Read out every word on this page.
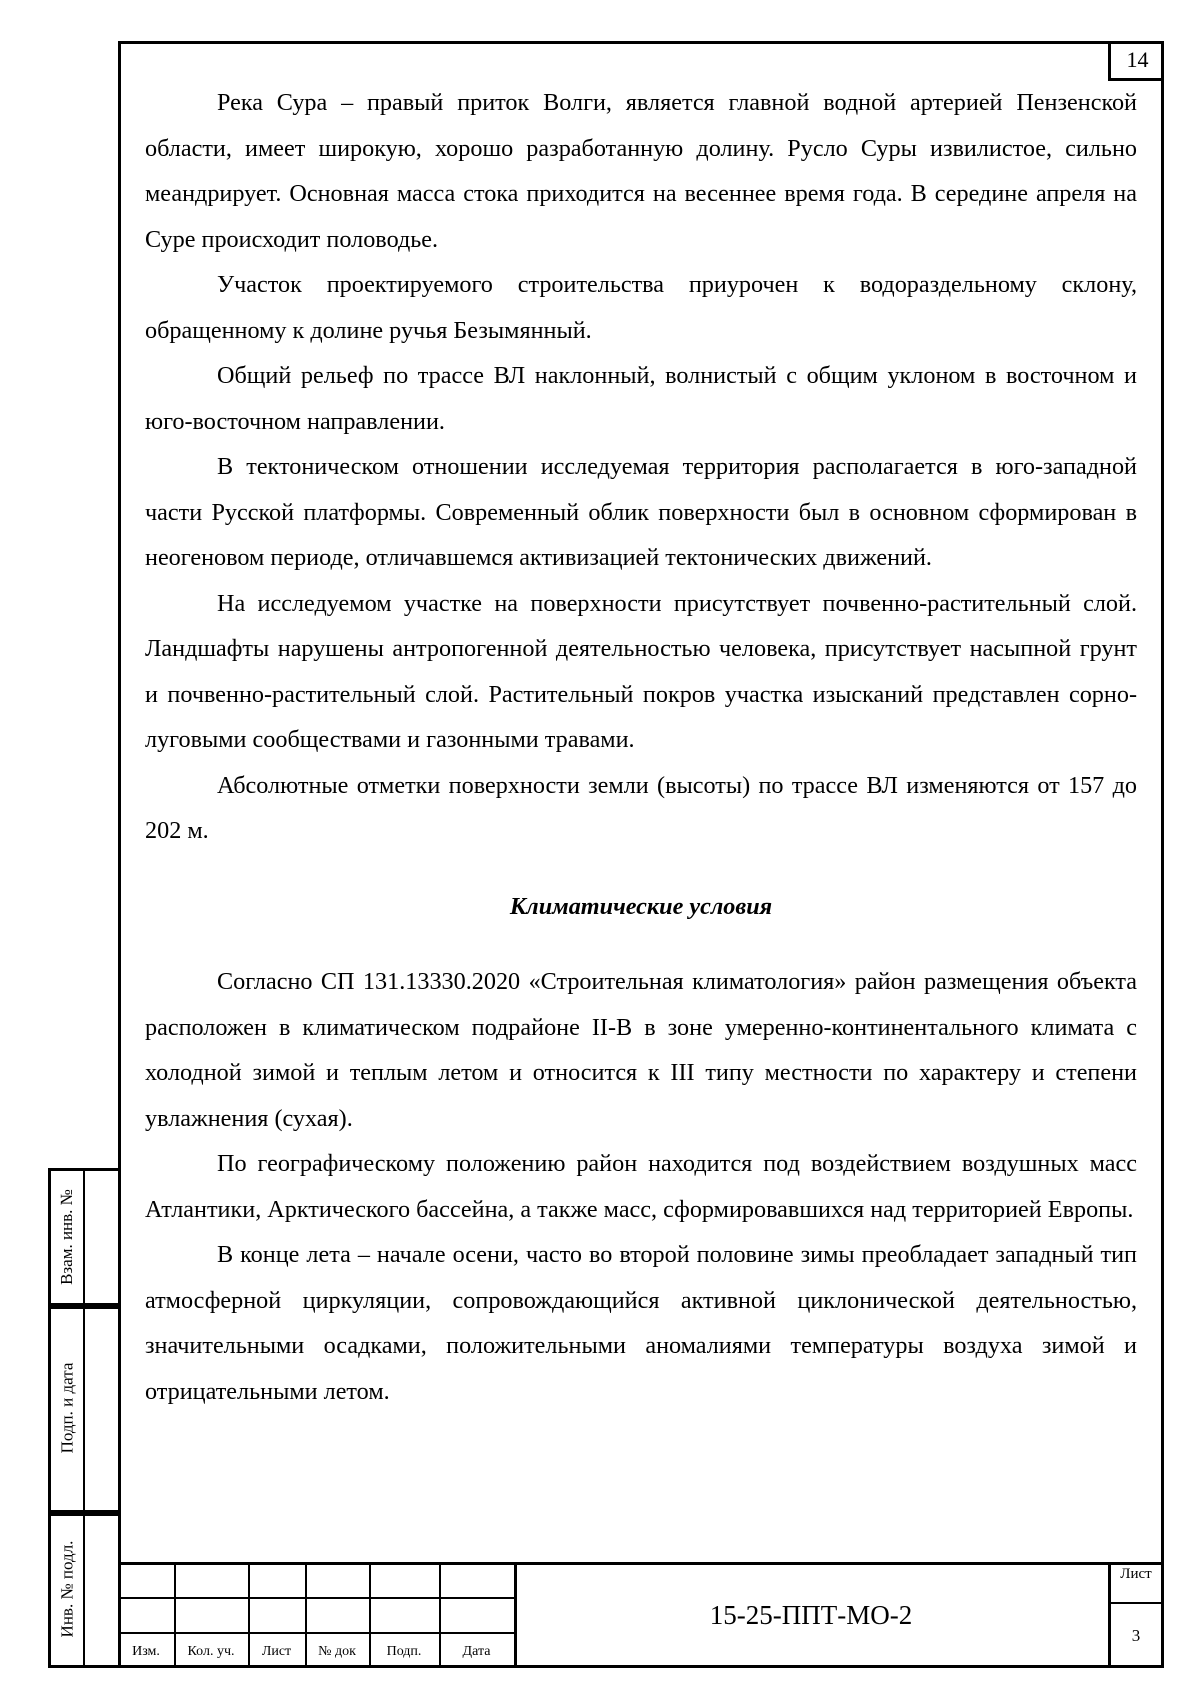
14

Река Сура – правый приток Волги, является главной водной артерией Пензенской области, имеет широкую, хорошо разработанную долину. Русло Суры извилистое, сильно меандрирует. Основная масса стока приходится на весеннее время года. В середине апреля на Суре происходит половодье.

Участок проектируемого строительства приурочен к водораздельному склону, обращенному к долине ручья Безымянный.

Общий рельеф по трассе ВЛ наклонный, волнистый с общим уклоном в восточном и юго-восточном направлении.

В тектоническом отношении исследуемая территория располагается в юго-западной части Русской платформы. Современный облик поверхности был в основном сформирован в неогеновом периоде, отличавшемся активизацией тектонических движений.

На исследуемом участке на поверхности присутствует почвенно-растительный слой. Ландшафты нарушены антропогенной деятельностью человека, присутствует насыпной грунт и почвенно-растительный слой. Растительный покров участка изысканий представлен сорно-луговыми сообществами и газонными травами.

Абсолютные отметки поверхности земли (высоты) по трассе ВЛ изменяются от 157 до 202 м.

Климатические условия

Согласно СП 131.13330.2020 «Строительная климатология» район размещения объекта расположен в климатическом подрайоне II-В в зоне умеренно-континентального климата с холодной зимой и теплым летом и относится к III типу местности по характеру и степени увлажнения (сухая).

По географическому положению район находится под воздействием воздушных масс Атлантики, Арктического бассейна, а также масс, сформировавшихся над территорией Европы.

В конце лета – начале осени, часто во второй половине зимы преобладает западный тип атмосферной циркуляции, сопровождающийся активной циклонической деятельностью, значительными осадками, положительными аномалиями температуры воздуха зимой и отрицательными летом.

Взам. инв. №
Подп. и дата
Инв. № подл.
Изм.	Кол. уч.	Лист	№ док	Подп.	Дата
15-25-ППТ-МО-2
Лист
3
